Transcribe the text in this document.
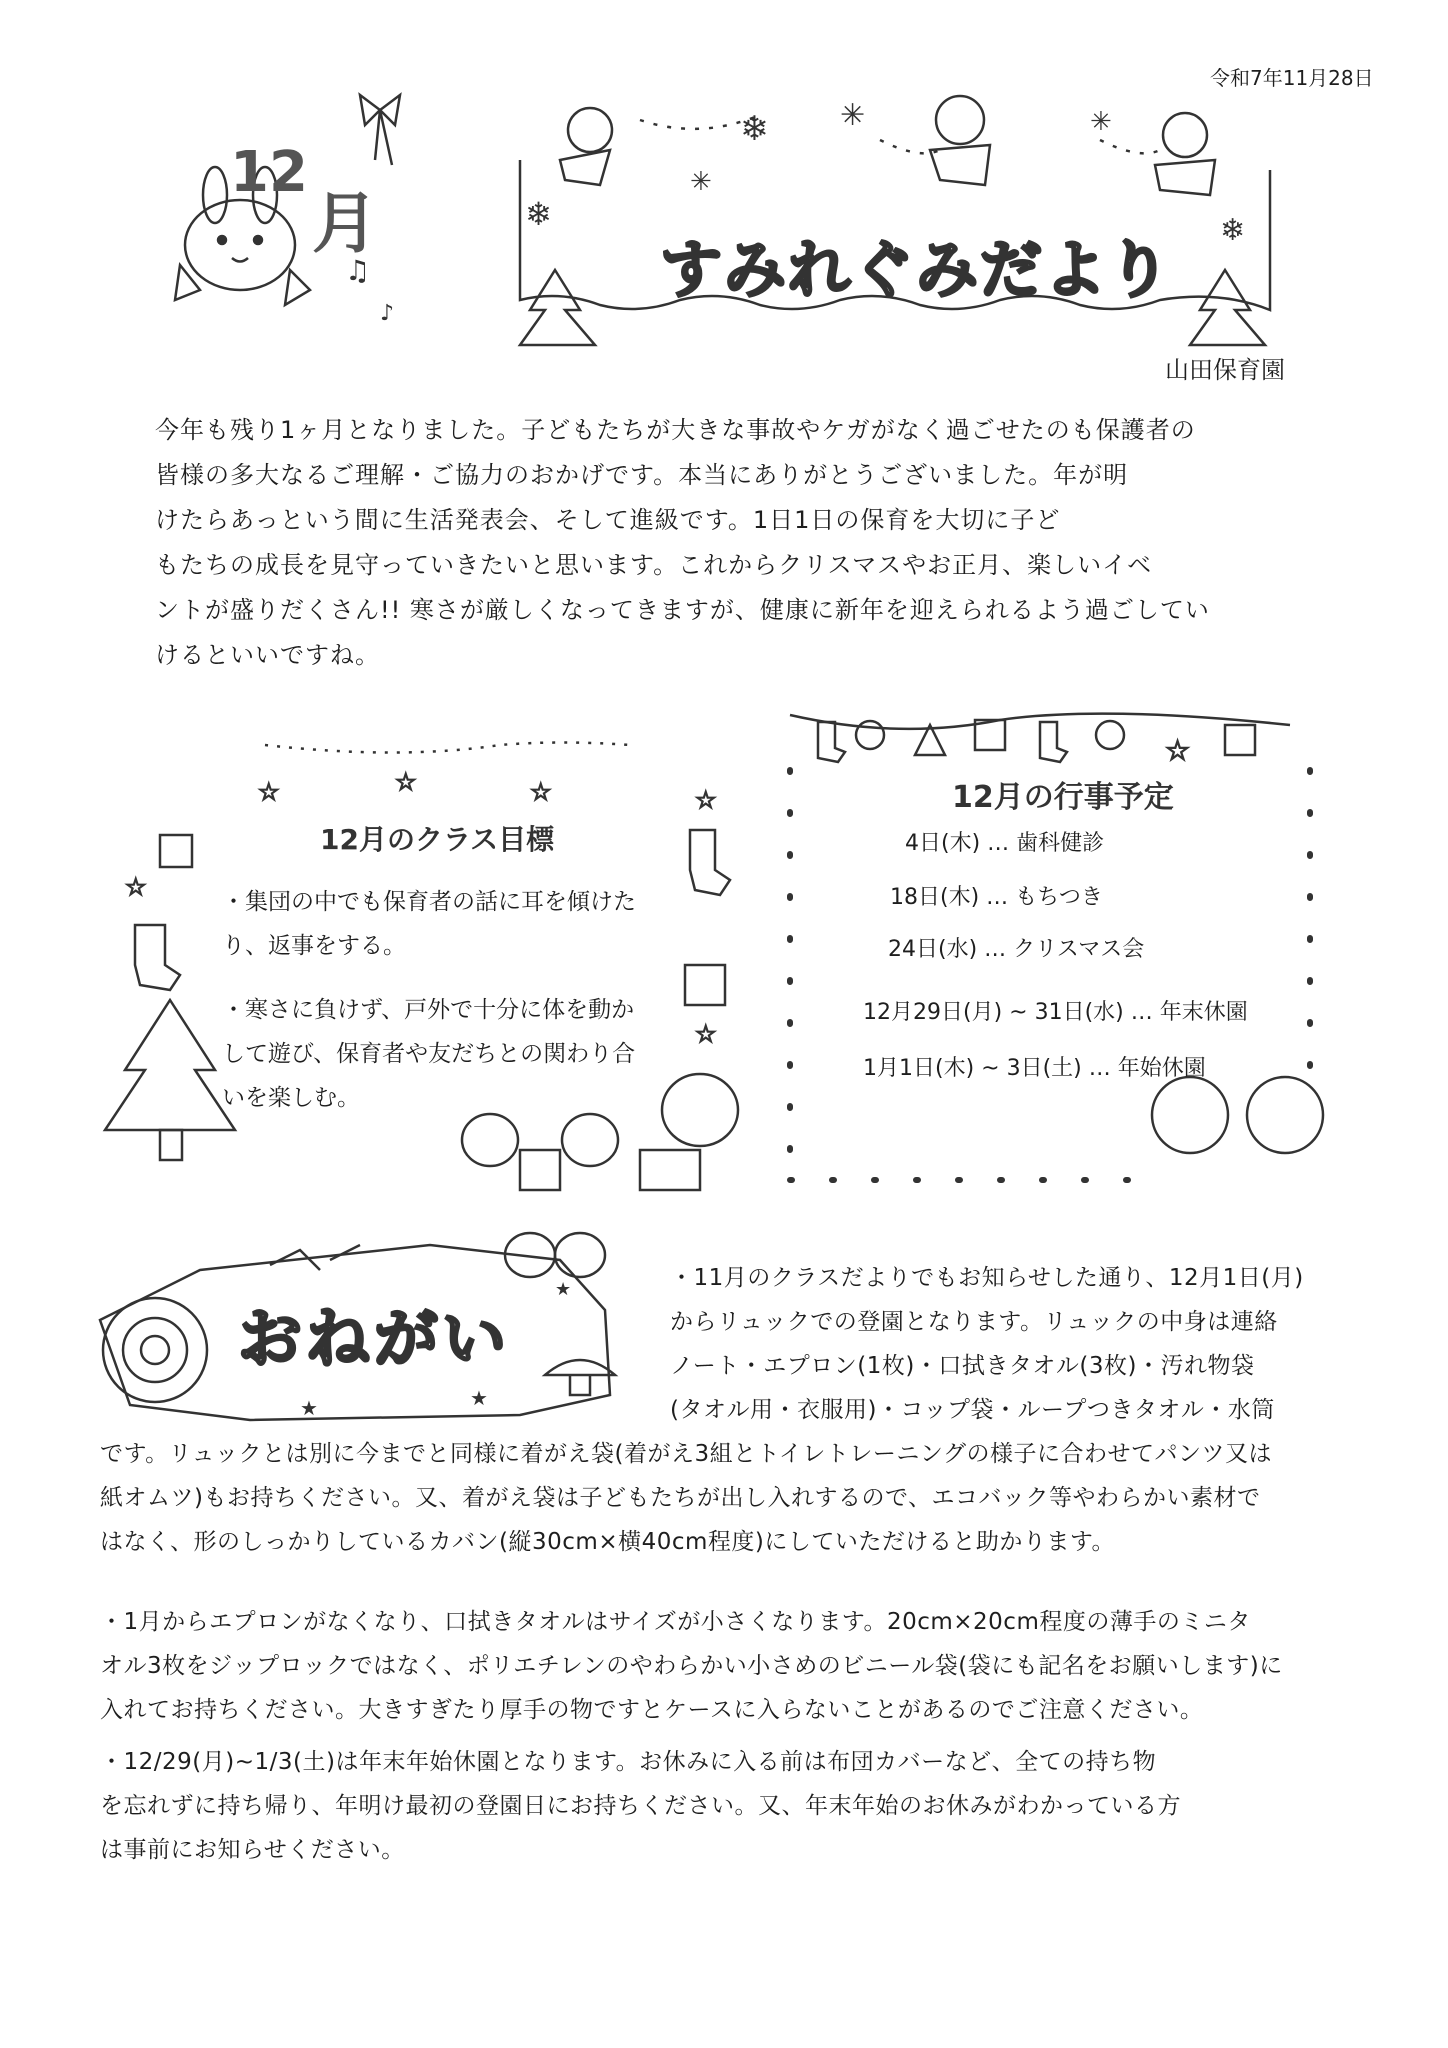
♫
♪
❄
❄	❄
✳	✳
✳
☆	☆	☆
☆
☆
☆
☆
★	★
★
令和7年11月28日
12
月
すみれぐみだより
山田保育園

今年も残り1ヶ月となりました。子どもたちが大きな事故やケガがなく過ごせたのも保護者の

皆様の多大なるご理解・ご協力のおかげです。本当にありがとうございました。年が明

けたらあっという間に生活発表会、そして進級です。1日1日の保育を大切に子ど

もたちの成長を見守っていきたいと思います。これからクリスマスやお正月、楽しいイベ

ントが盛りだくさん!! 寒さが厳しくなってきますが、健康に新年を迎えられるよう過ごしてい

けるといいですね。

12月のクラス目標
・集団の中でも保育者の話に耳を傾けたり、返事をする。
・寒さに負けず、戸外で十分に体を動かして遊び、保育者や友だちとの関わり合いを楽しむ。
12月の行事予定
4日(木) … 歯科健診
18日(木) … もちつき
24日(水) … クリスマス会
12月29日(月) ~ 31日(水) … 年末休園
1月1日(木) ~ 3日(土) … 年始休園
おねがい

・11月のクラスだよりでもお知らせした通り、12月1日(月)

からリュックでの登園となります。リュックの中身は連絡

ノート・エプロン(1枚)・口拭きタオル(3枚)・汚れ物袋

(タオル用・衣服用)・コップ袋・ループつきタオル・水筒

です。リュックとは別に今までと同様に着がえ袋(着がえ3組とトイレトレーニングの様子に合わせてパンツ又は

紙オムツ)もお持ちください。又、着がえ袋は子どもたちが出し入れするので、エコバック等やわらかい素材で

はなく、形のしっかりしているカバン(縦30cm×横40cm程度)にしていただけると助かります。

・1月からエプロンがなくなり、口拭きタオルはサイズが小さくなります。20cm×20cm程度の薄手のミニタ

オル3枚をジップロックではなく、ポリエチレンのやわらかい小さめのビニール袋(袋にも記名をお願いします)に

入れてお持ちください。大きすぎたり厚手の物ですとケースに入らないことがあるのでご注意ください。

・12/29(月)~1/3(土)は年末年始休園となります。お休みに入る前は布団カバーなど、全ての持ち物

を忘れずに持ち帰り、年明け最初の登園日にお持ちください。又、年末年始のお休みがわかっている方

は事前にお知らせください。
